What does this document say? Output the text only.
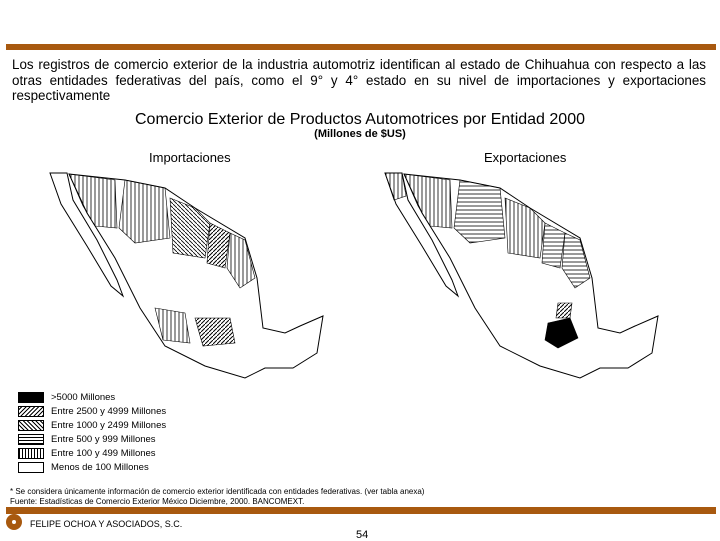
Los registros de comercio exterior de la industria automotriz identifican al estado de Chihuahua con respecto a las otras entidades federativas del país, como el 9° y 4° estado en su nivel de importaciones y exportaciones respectivamente
Comercio Exterior de Productos Automotrices por Entidad 2000
(Millones de $US)
Importaciones	Exportaciones
>5000 Millones
Entre 2500 y 4999 Millones
Entre 1000 y 2499 Millones
Entre 500 y 999 Millones
Entre 100 y 499 Millones
Menos de 100 Millones
* Se considera únicamente información de comercio exterior identificada con entidades federativas. (ver tabla anexa)
Fuente: Estadísticas de Comercio Exterior México Diciembre, 2000. BANCOMEXT.
FELIPE OCHOA Y ASOCIADOS, S.C.
54
